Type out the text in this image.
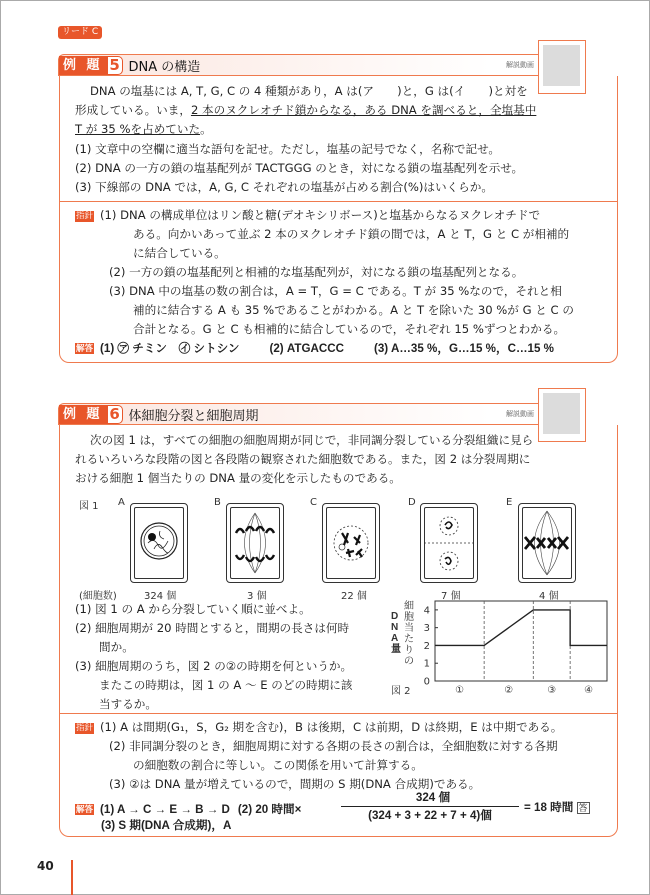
リード C
例 題 5 DNA の構造	解説動画
DNA の塩基には A, T, G, C の 4 種類があり，A は(ア　　)と，G は(イ　　)と対を
形成している。いま，2 本のヌクレオチド鎖からなる，ある DNA を調べると，全塩基中
T が 35 %を占めていた。
(1) 文章中の空欄に適当な語句を記せ。ただし，塩基の記号でなく，名称で記せ。
(2) DNA の一方の鎖の塩基配列が TACTGGG のとき，対になる鎖の塩基配列を示せ。
(3) 下線部の DNA では，A, G, C それぞれの塩基が占める割合(%)はいくらか。
指針 (1) DNA の構成単位はリン酸と糖(デオキシリボース)と塩基からなるヌクレオチドで
ある。向かいあって並ぶ 2 本のヌクレオチド鎖の間では，A と T，G と C が相補的
に結合している。
(2) 一方の鎖の塩基配列と相補的な塩基配列が，対になる鎖の塩基配列となる。
(3) DNA 中の塩基の数の割合は，A = T，G = C である。T が 35 %なので，それと相
補的に結合する A も 35 %であることがわかる。A と T を除いた 30 %が G と C の
合計となる。G と C も相補的に結合しているので，それぞれ 15 %ずつとわかる。
解答 (1) ㋐ チミン　㋑ シトシン	(2) ATGACCC	(3) A…35 %，G…15 %，C…15 %
例 題 6 体細胞分裂と細胞周期	解説動画
次の図 1 は，すべての細胞の細胞周期が同じで，非同調分裂している分裂組織に見ら
れるいろいろな段階の図と各段階の観察された細胞数である。また，図 2 は分裂周期に
おける細胞 1 個当たりの DNA 量の変化を示したものである。
図 1 A	B	C	D	E
(細胞数)	324 個	3 個	22 個	7 個	4 個
(1) 図 1 の A から分裂していく順に並べよ。
(2) 細胞周期が 20 時間とすると，間期の長さは何時
間か。
(3) 細胞周期のうち，図 2 の②の時期を何というか。
またこの時期は，図 1 の A ～ E のどの時期に該
当するか。
DNA量
細胞当たりの
図 2
0
1
2
3
4
①	②	③	④
指針 (1) A は間期(G₁，S，G₂ 期を含む)，B は後期，C は前期，D は終期，E は中期である。
(2) 非同調分裂のとき，細胞周期に対する各期の長さの割合は，全細胞数に対する各期
の細胞数の割合に等しい。この関係を用いて計算する。
(3) ②は DNA 量が増えているので，間期の S 期(DNA 合成期)である。
解答 (1) A → C → E → B → D (2) 20 時間×
324 個
(324 + 3 + 22 + 7 + 4)個
= 18 時間 答
(3) S 期(DNA 合成期)，A
40
